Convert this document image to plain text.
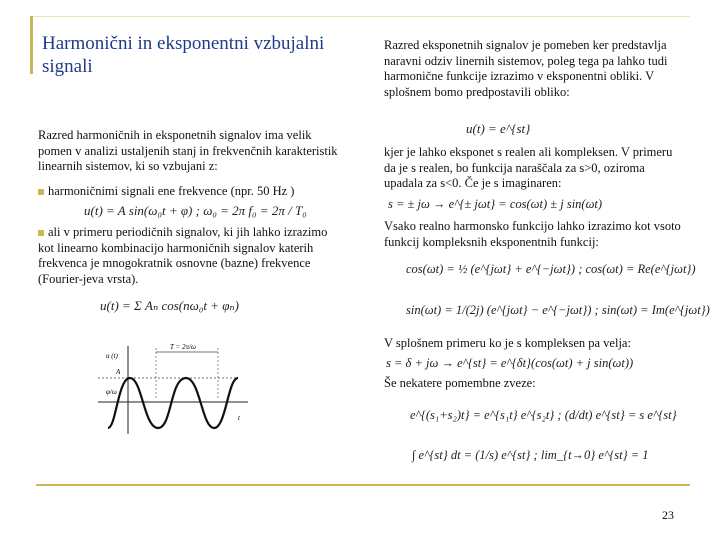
Harmonični in eksponentni vzbujalni signali
Razred harmoničnih in eksponetnih signalov ima velik pomen v analizi ustaljenih stanj in frekvenčnih karakteristik linearnih sistemov, ki so vzbujani z:
harmoničnimi signali ene frekvence (npr. 50 Hz )
u(t) = A sin(ω₀t + φ) ; ω₀ = 2π f₀ = 2π / T₀
ali v primeru periodičnih signalov, ki jih lahko izrazimo kot linearno kombinacijo harmoničnih signalov katerih frekvenca je mnogokratnik osnovne (bazne) frekvence (Fourier-jeva vrsta).
u(t) = Σ Aₙ cos(nω₀t + φₙ)
u (t)
T = 2π/ω
A
φ/ω
t
Razred eksponetnih signalov je pomeben ker predstavlja naravni odziv linernih sistemov, poleg tega pa lahko tudi harmonične funkcije izrazimo v eksponentni obliki. V splošnem bomo predpostavili obliko:
u(t) = e^{st}
kjer je lahko eksponet s realen ali kompleksen. V primeru da je s realen, bo funkcija naraščala za s>0, oziroma upadala za s<0. Če je s imaginaren:
s = ± jω → e^{± jωt} = cos(ωt) ± j sin(ωt)
Vsako realno harmonsko funkcijo lahko izrazimo kot vsoto funkcij kompleksnih eksponentnih funkcij:
cos(ωt) = ½ (e^{jωt} + e^{−jωt}) ; cos(ωt) = Re(e^{jωt})
sin(ωt) = 1/(2j) (e^{jωt} − e^{−jωt}) ; sin(ωt) = Im(e^{jωt})
V splošnem primeru ko je s kompleksen pa velja:
s = δ + jω → e^{st} = e^{δt}(cos(ωt) + j sin(ωt))
Še nekatere pomembne zveze:
e^{(s₁+s₂)t} = e^{s₁t} e^{s₂t} ; (d/dt) e^{st} = s e^{st}
∫ e^{st} dt = (1/s) e^{st} ; lim_{t→0} e^{st} = 1
23
